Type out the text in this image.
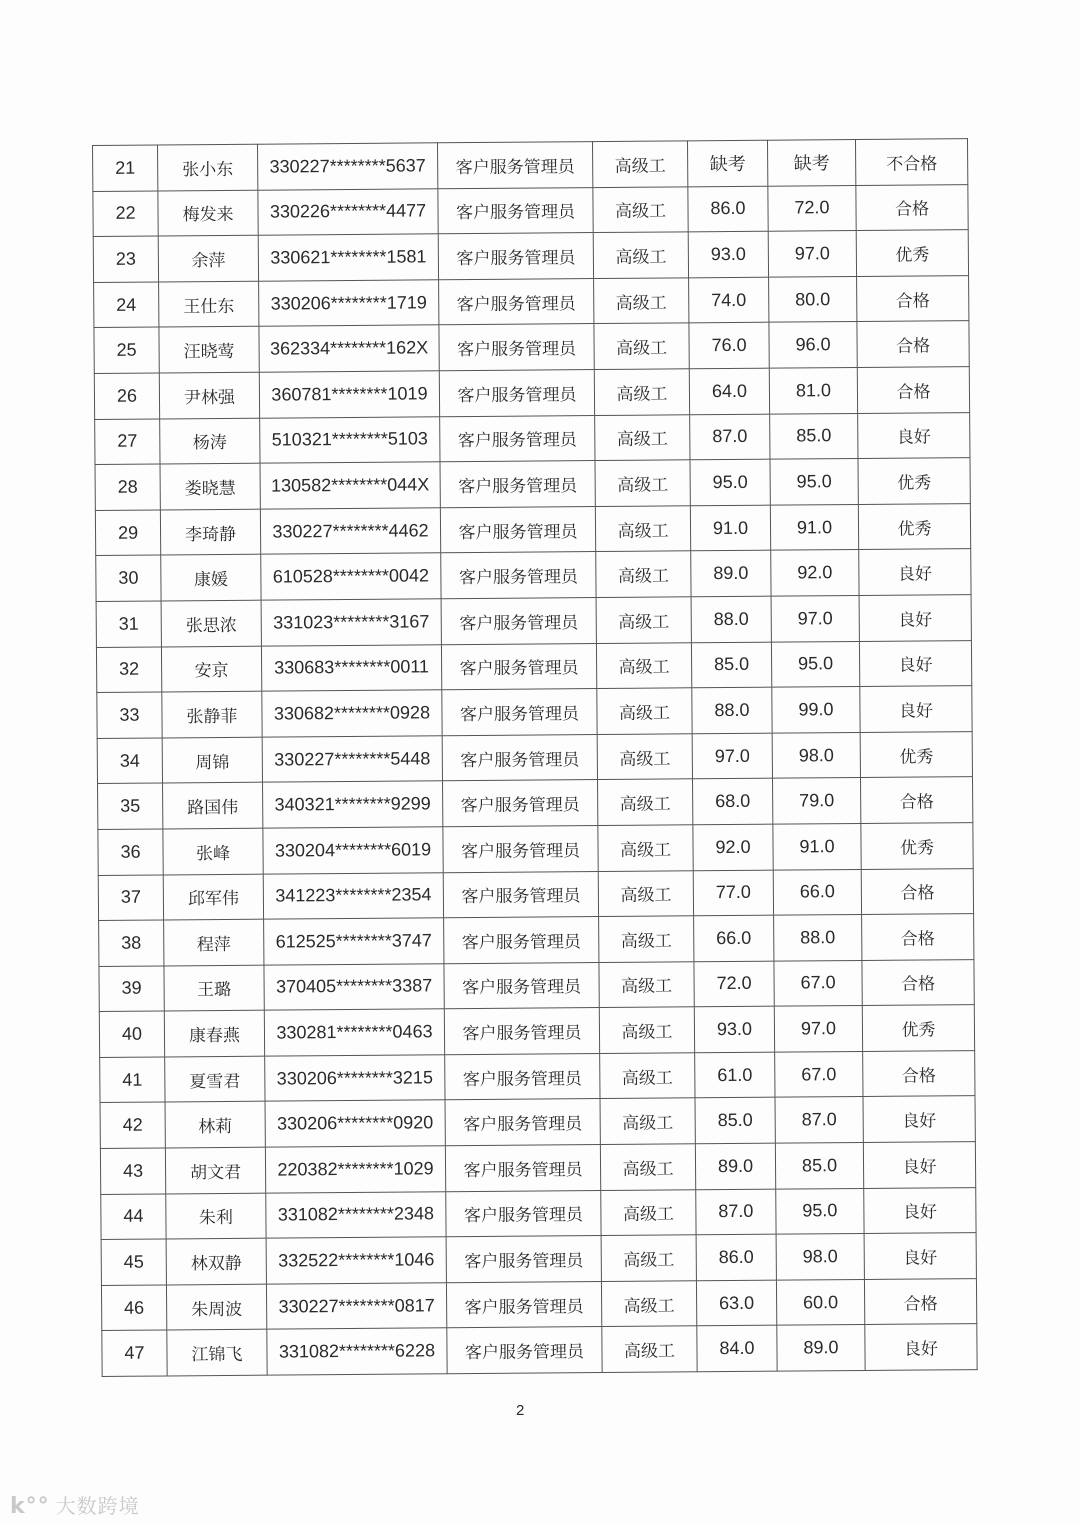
21	张小东	330227********5637	客户服务管理员	高级工	缺考	缺考	不合格
22	梅发来	330226********4477	客户服务管理员	高级工	86.0	72.0	合格
23	余萍	330621********1581	客户服务管理员	高级工	93.0	97.0	优秀
24	王仕东	330206********1719	客户服务管理员	高级工	74.0	80.0	合格
25	汪晓莺	362334********162X	客户服务管理员	高级工	76.0	96.0	合格
26	尹林强	360781********1019	客户服务管理员	高级工	64.0	81.0	合格
27	杨涛	510321********5103	客户服务管理员	高级工	87.0	85.0	良好
28	娄晓慧	130582********044X	客户服务管理员	高级工	95.0	95.0	优秀
29	李琦静	330227********4462	客户服务管理员	高级工	91.0	91.0	优秀
30	康媛	610528********0042	客户服务管理员	高级工	89.0	92.0	良好
31	张思浓	331023********3167	客户服务管理员	高级工	88.0	97.0	良好
32	安京	330683********0011	客户服务管理员	高级工	85.0	95.0	良好
33	张静菲	330682********0928	客户服务管理员	高级工	88.0	99.0	良好
34	周锦	330227********5448	客户服务管理员	高级工	97.0	98.0	优秀
35	路国伟	340321********9299	客户服务管理员	高级工	68.0	79.0	合格
36	张峰	330204********6019	客户服务管理员	高级工	92.0	91.0	优秀
37	邱军伟	341223********2354	客户服务管理员	高级工	77.0	66.0	合格
38	程萍	612525********3747	客户服务管理员	高级工	66.0	88.0	合格
39	王璐	370405********3387	客户服务管理员	高级工	72.0	67.0	合格
40	康春燕	330281********0463	客户服务管理员	高级工	93.0	97.0	优秀
41	夏雪君	330206********3215	客户服务管理员	高级工	61.0	67.0	合格
42	林莉	330206********0920	客户服务管理员	高级工	85.0	87.0	良好
43	胡文君	220382********1029	客户服务管理员	高级工	89.0	85.0	良好
44	朱利	331082********2348	客户服务管理员	高级工	87.0	95.0	良好
45	林双静	332522********1046	客户服务管理员	高级工	86.0	98.0	良好
46	朱周波	330227********0817	客户服务管理员	高级工	63.0	60.0	合格
47	江锦飞	331082********6228	客户服务管理员	高级工	84.0	89.0	良好
2
k°° 大数跨境
